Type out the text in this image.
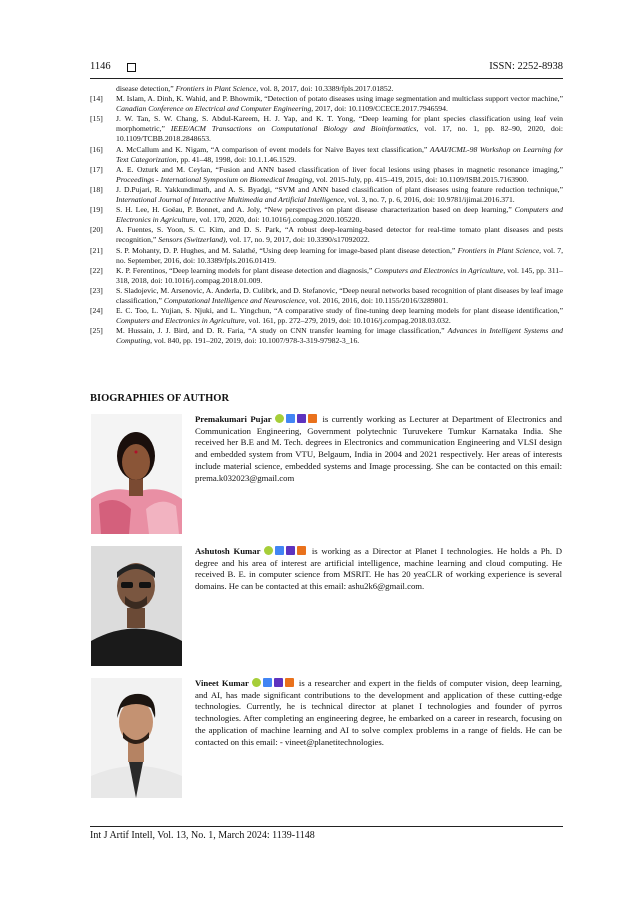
1146	ISSN: 2252-8938
disease detection,” Frontiers in Plant Science, vol. 8, 2017, doi: 10.3389/fpls.2017.01852.
[14] M. Islam, A. Dinh, K. Wahid, and P. Bhowmik, “Detection of potato diseases using image segmentation and multiclass support vector machine,” Canadian Conference on Electrical and Computer Engineering, 2017, doi: 10.1109/CCECE.2017.7946594.
[15] J. W. Tan, S. W. Chang, S. Abdul-Kareem, H. J. Yap, and K. T. Yong, “Deep learning for plant species classification using leaf vein morphometric,” IEEE/ACM Transactions on Computational Biology and Bioinformatics, vol. 17, no. 1, pp. 82–90, 2020, doi: 10.1109/TCBB.2018.2848653.
[16] A. McCallum and K. Nigam, “A comparison of event models for Naive Bayes text classification,” AAAI/ICML-98 Workshop on Learning for Text Categorization, pp. 41–48, 1998, doi: 10.1.1.46.1529.
[17] A. E. Ozturk and M. Ceylan, “Fusion and ANN based classification of liver focal lesions using phases in magnetic resonance imaging,” Proceedings - International Symposium on Biomedical Imaging, vol. 2015-July, pp. 415–419, 2015, doi: 10.1109/ISBI.2015.7163900.
[18] J. D.Pujari, R. Yakkundimath, and A. S. Byadgi, “SVM and ANN based classification of plant diseases using feature reduction technique,” International Journal of Interactive Multimedia and Artificial Intelligence, vol. 3, no. 7, p. 6, 2016, doi: 10.9781/ijimai.2016.371.
[19] S. H. Lee, H. Goëau, P. Bonnet, and A. Joly, “New perspectives on plant disease characterization based on deep learning,” Computers and Electronics in Agriculture, vol. 170, 2020, doi: 10.1016/j.compag.2020.105220.
[20] A. Fuentes, S. Yoon, S. C. Kim, and D. S. Park, “A robust deep-learning-based detector for real-time tomato plant diseases and pests recognition,” Sensors (Switzerland), vol. 17, no. 9, 2017, doi: 10.3390/s17092022.
[21] S. P. Mohanty, D. P. Hughes, and M. Salathé, “Using deep learning for image-based plant disease detection,” Frontiers in Plant Science, vol. 7, no. September, 2016, doi: 10.3389/fpls.2016.01419.
[22] K. P. Ferentinos, “Deep learning models for plant disease detection and diagnosis,” Computers and Electronics in Agriculture, vol. 145, pp. 311–318, 2018, doi: 10.1016/j.compag.2018.01.009.
[23] S. Sladojevic, M. Arsenovic, A. Anderla, D. Culibrk, and D. Stefanovic, “Deep neural networks based recognition of plant diseases by leaf image classification,” Computational Intelligence and Neuroscience, vol. 2016, 2016, doi: 10.1155/2016/3289801.
[24] E. C. Too, L. Yujian, S. Njuki, and L. Yingchun, “A comparative study of fine-tuning deep learning models for plant disease identification,” Computers and Electronics in Agriculture, vol. 161, pp. 272–279, 2019, doi: 10.1016/j.compag.2018.03.032.
[25] M. Hussain, J. J. Bird, and D. R. Faria, “A study on CNN transfer learning for image classification,” Advances in Intelligent Systems and Computing, vol. 840, pp. 191–202, 2019, doi: 10.1007/978-3-319-97982-3_16.
BIOGRAPHIES OF AUTHOR
Premakumari Pujar	is currently working as Lecturer at Department of Electronics and Communication Engineering, Government polytechnic Turuvekere Tumkur Karnataka India. She received her B.E and M. Tech. degrees in Electronics and communication Engineering and VLSI design and embedded system from VTU, Belgaum, India in 2004 and 2021 respectively. Her areas of interests include material science, embedded systems and Image processing. She can be contacted on this email: prema.k032023@gmail.com
Ashutosh Kumar	is working as a Director at Planet I technologies. He holds a Ph. D degree and his area of interest are artificial intelligence, machine learning and cloud computing. He received B. E. in computer science from MSRIT. He has 20 yeaCLR of working experience is several domains. He can be contacted at this email: ashu2k6@gmail.com.
Vineet Kumar	is a researcher and expert in the fields of computer vision, deep learning, and AI, has made significant contributions to the development and application of these cutting-edge technologies. Currently, he is technical director at planet I technologies and founder of pyrros technologies. After completing an engineering degree, he embarked on a career in research, focusing on the application of machine learning and AI to solve complex problems in a range of fields. He can be contacted on this email: - vineet@planetitechnologies.
Int J Artif Intell, Vol. 13, No. 1, March 2024: 1139-1148
